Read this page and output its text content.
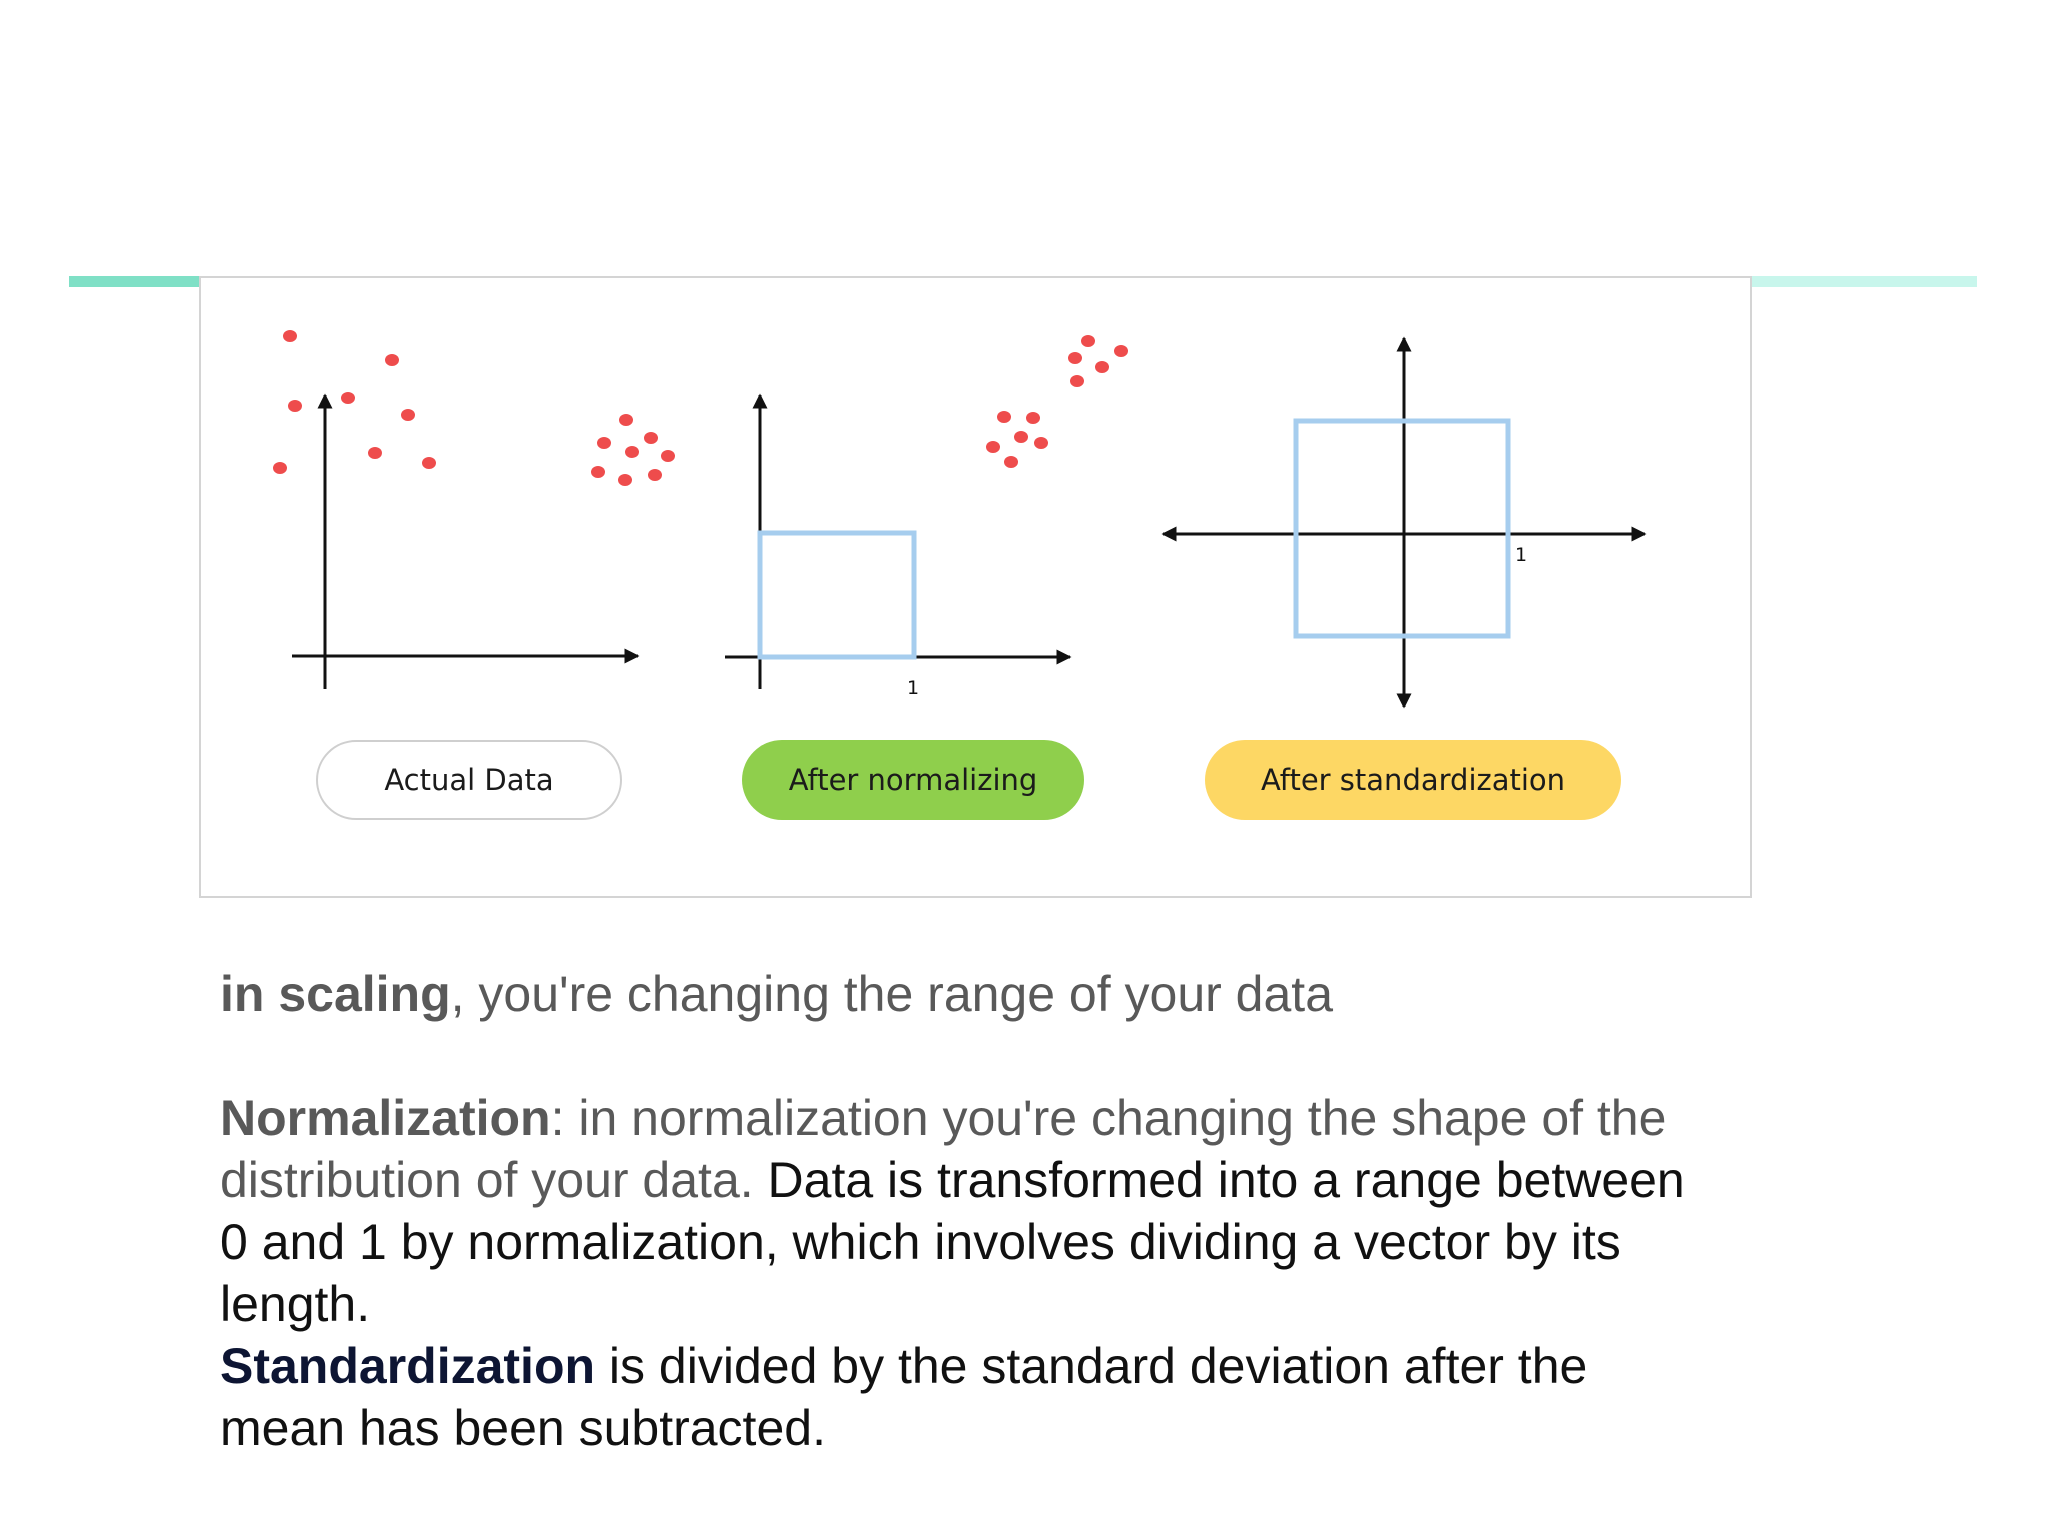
1
1
Actual Data	After normalizing	After standardization
in scaling, you're changing the range of your data
Normalization: in normalization you're changing the shape of the distribution of your data. Data is transformed into a range between 0 and 1 by normalization, which involves dividing a vector by its length.
Standardization is divided by the standard deviation after the mean has been subtracted.
